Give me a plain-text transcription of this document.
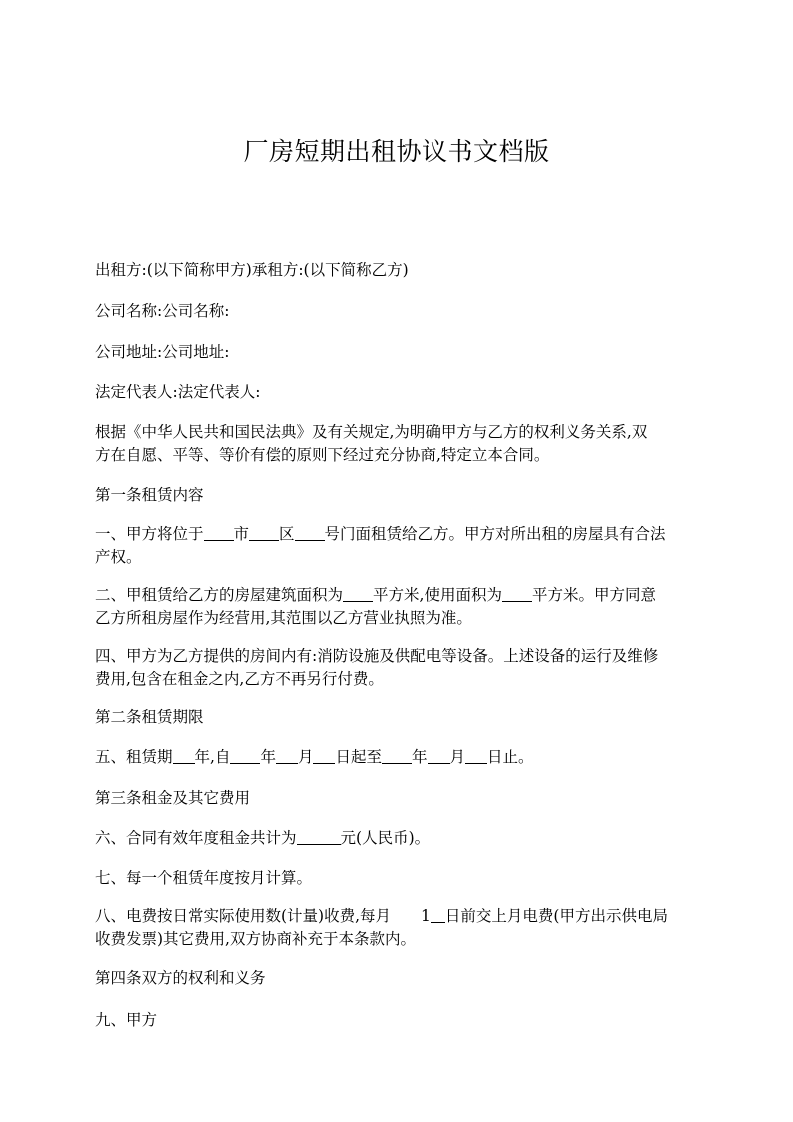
厂房短期出租协议书文档版
出租方:(以下简称甲方)承租方:(以下简称乙方)
公司名称:公司名称:
公司地址:公司地址:
法定代表人:法定代表人:
根据《中华人民共和国民法典》及有关规定,为明确甲方与乙方的权利义务关系,双
方在自愿、平等、等价有偿的原则下经过充分协商,特定立本合同。
第一条租赁内容
一、甲方将位于 市 区 号门面租赁给乙方。甲方对所出租的房屋具有合法
产权。
二、甲租赁给乙方的房屋建筑面积为 平方米,使用面积为 平方米。甲方同意
乙方所租房屋作为经营用,其范围以乙方营业执照为准。
四、甲方为乙方提供的房间内有:消防设施及供配电等设备。上述设备的运行及维修
费用,包含在租金之内,乙方不再另行付费。
第二条租赁期限
五、租赁期 年,自 年 月 日起至 年 月 日止。
第三条租金及其它费用
六、合同有效年度租金共计为	元(人民币)。
七、每一个租赁年度按月计算。
八、电费按日常实际使用数(计量)收费,每月 1 日前交上月电费(甲方出示供电局
收费发票)其它费用,双方协商补充于本条款内。
第四条双方的权利和义务
九、甲方
